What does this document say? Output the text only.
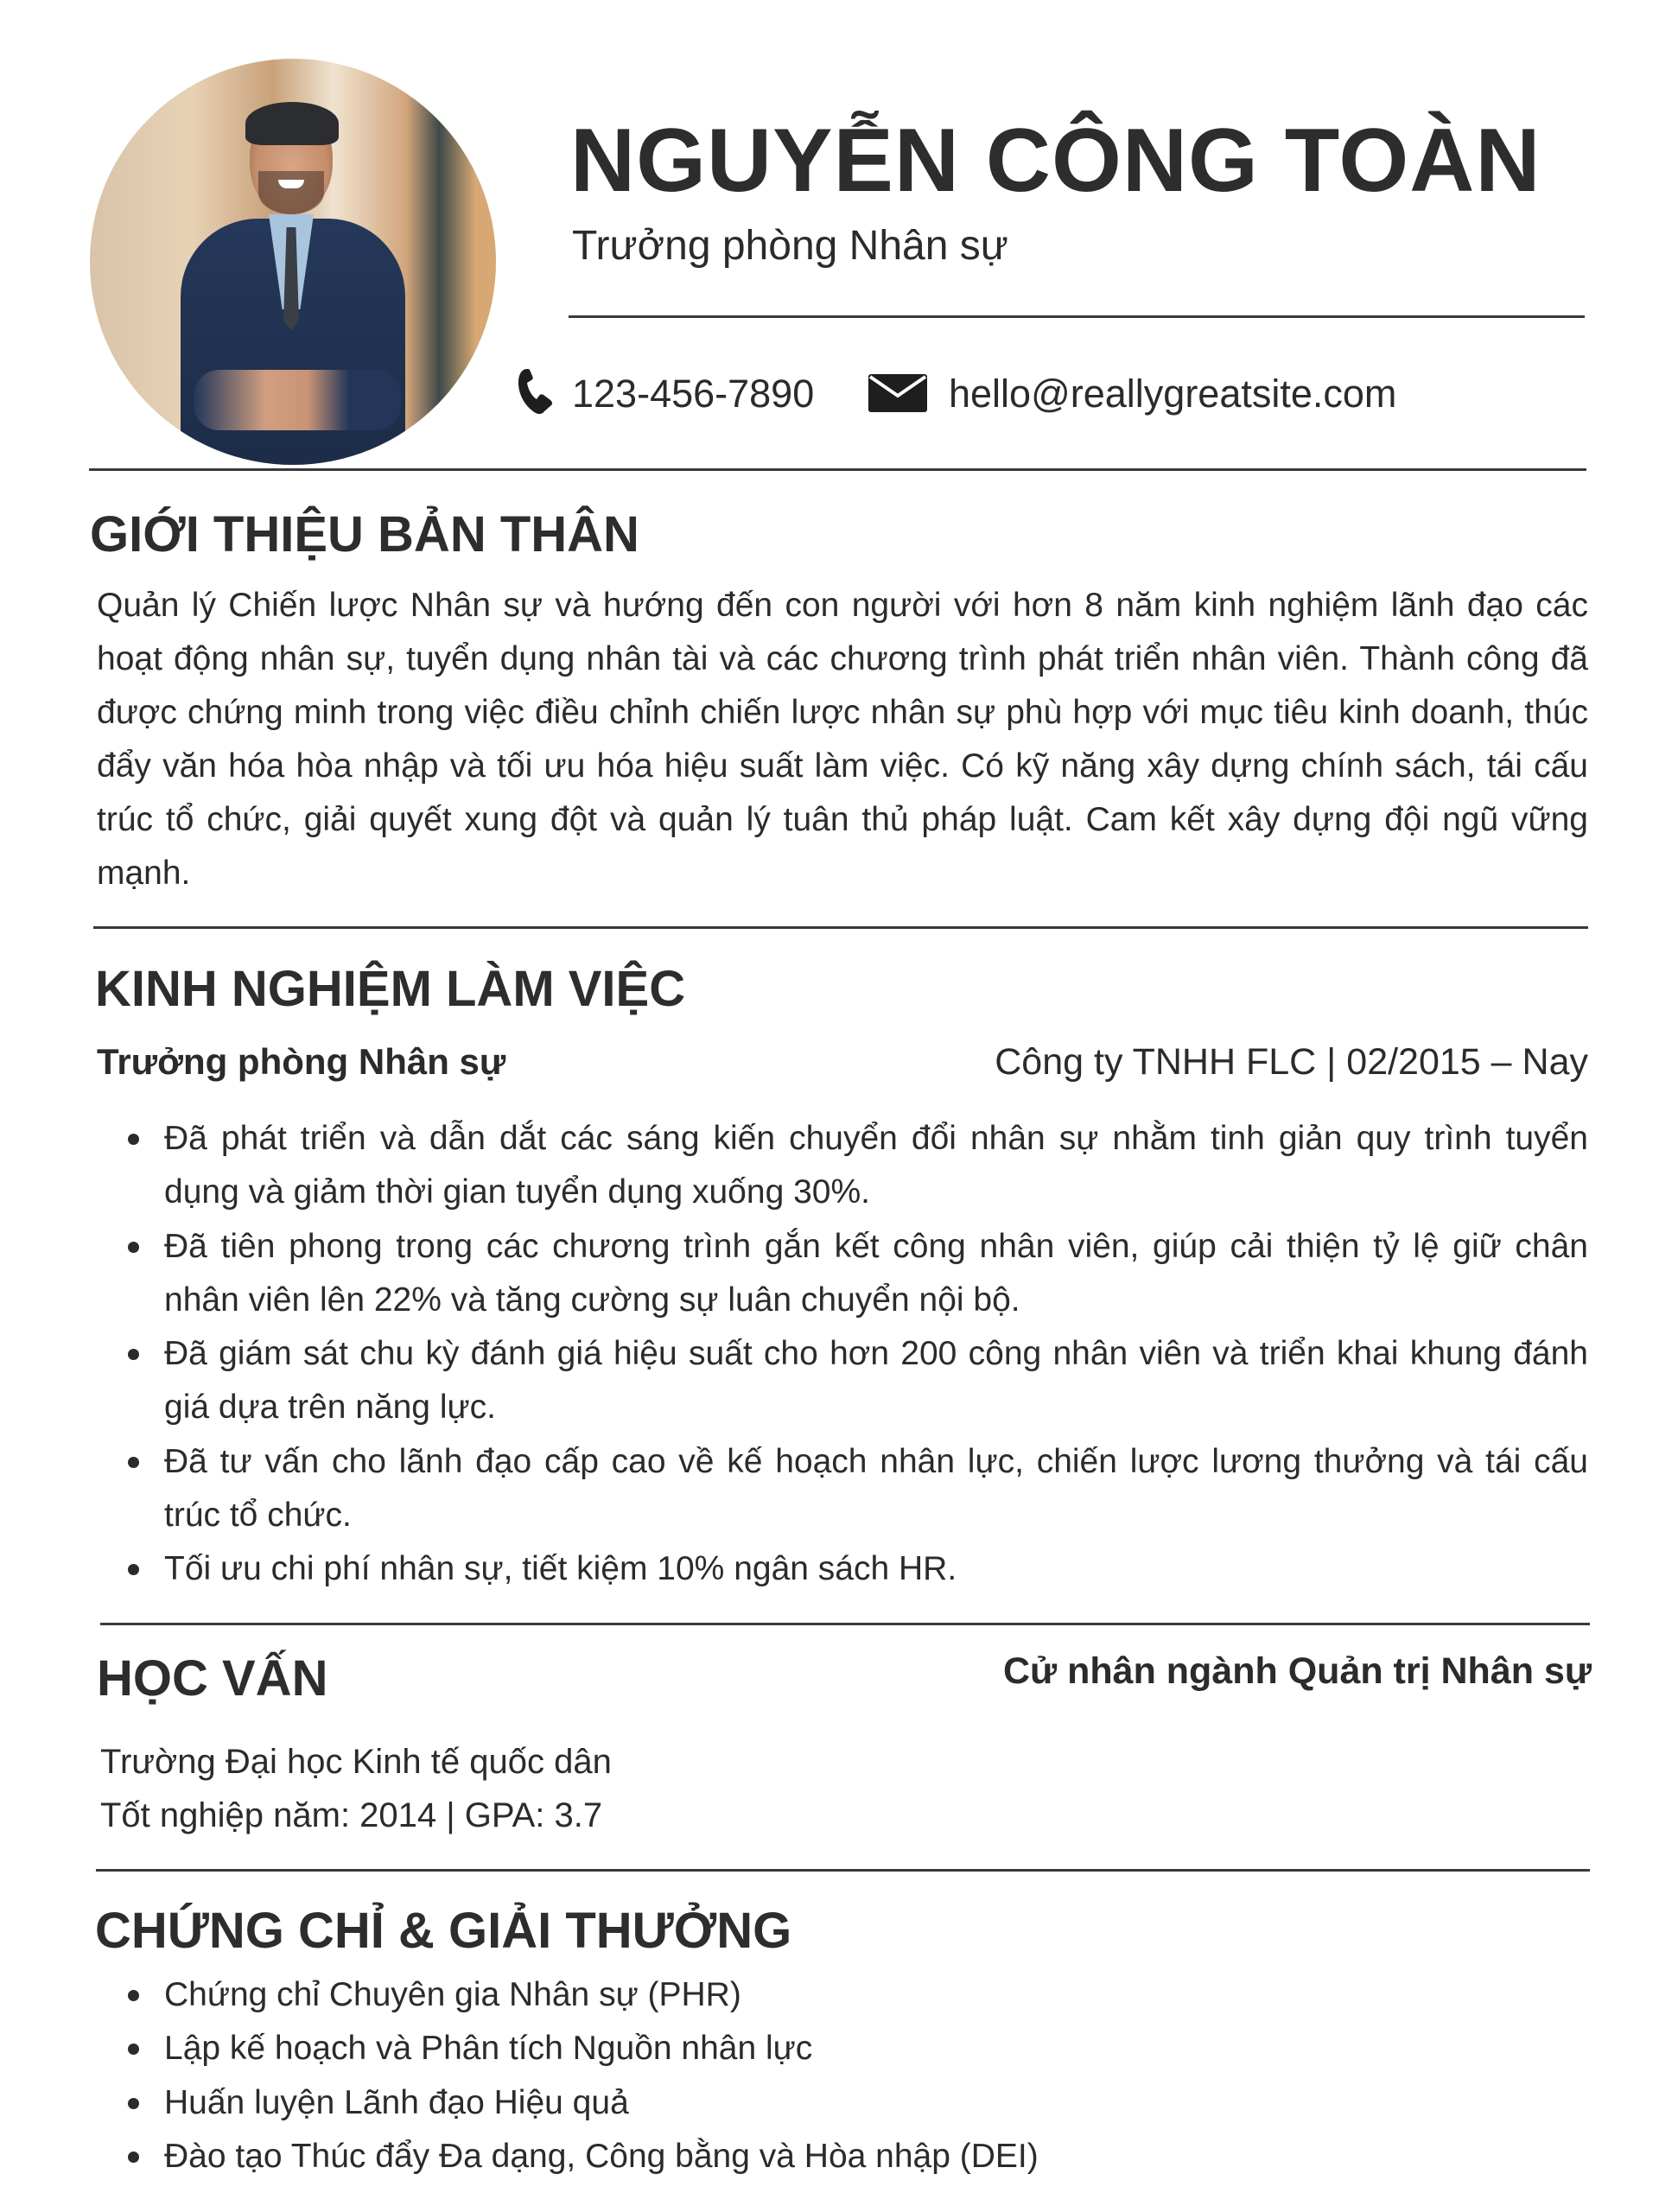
NGUYỄN CÔNG TOÀN
Trưởng phòng Nhân sự
123-456-7890	hello@reallygreatsite.com
GIỚI THIỆU BẢN THÂN
Quản lý Chiến lược Nhân sự và hướng đến con người với hơn 8 năm kinh nghiệm lãnh đạo các hoạt động nhân sự, tuyển dụng nhân tài và các chương trình phát triển nhân viên. Thành công đã được chứng minh trong việc điều chỉnh chiến lược nhân sự phù hợp với mục tiêu kinh doanh, thúc đẩy văn hóa hòa nhập và tối ưu hóa hiệu suất làm việc. Có kỹ năng xây dựng chính sách, tái cấu trúc tổ chức, giải quyết xung đột và quản lý tuân thủ pháp luật. Cam kết xây dựng đội ngũ vững mạnh.
KINH NGHIỆM LÀM VIỆC
Trưởng phòng Nhân sự	Công ty TNHH FLC | 02/2015 – Nay
Đã phát triển và dẫn dắt các sáng kiến chuyển đổi nhân sự nhằm tinh giản quy trình tuyển dụng và giảm thời gian tuyển dụng xuống 30%.
Đã tiên phong trong các chương trình gắn kết công nhân viên, giúp cải thiện tỷ lệ giữ chân nhân viên lên 22% và tăng cường sự luân chuyển nội bộ.
Đã giám sát chu kỳ đánh giá hiệu suất cho hơn 200 công nhân viên và triển khai khung đánh giá dựa trên năng lực.
Đã tư vấn cho lãnh đạo cấp cao về kế hoạch nhân lực, chiến lược lương thưởng và tái cấu trúc tổ chức.
Tối ưu chi phí nhân sự, tiết kiệm 10% ngân sách HR.
HỌC VẤN	Cử nhân ngành Quản trị Nhân sự
Trường Đại học Kinh tế quốc dân
Tốt nghiệp năm: 2014 | GPA: 3.7
CHỨNG CHỈ & GIẢI THƯỞNG
Chứng chỉ Chuyên gia Nhân sự (PHR)
Lập kế hoạch và Phân tích Nguồn nhân lực
Huấn luyện Lãnh đạo Hiệu quả
Đào tạo Thúc đẩy Đa dạng, Công bằng và Hòa nhập (DEI)
